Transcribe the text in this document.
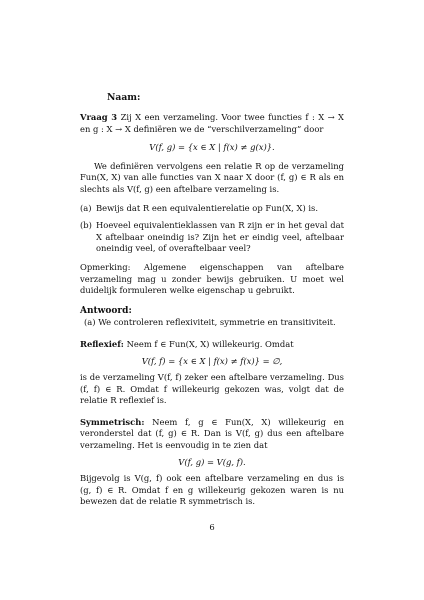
Naam:

Vraag 3 Zij X een verzameling. Voor twee functies f : X → X en g : X → X definiëren we de “verschilverzameling” door

V(f, g) = {x ∈ X | f(x) ≠ g(x)}.

We definiëren vervolgens een relatie R op de verzameling Fun(X, X) van alle functies van X naar X door (f, g) ∈ R als en slechts als V(f, g) een aftelbare verzameling is.

(a) Bewijs dat R een equivalentierelatie op Fun(X, X) is.
(b) Hoeveel equivalentieklassen van R zijn er in het geval dat X aftelbaar oneindig is? Zijn het er eindig veel, aftelbaar oneindig veel, of overaftelbaar veel?

Opmerking: Algemene eigenschappen van aftelbare verzameling mag u zonder bewijs gebruiken. U moet wel duidelijk formuleren welke eigenschap u gebruikt.

Antwoord:

(a) We controleren reflexiviteit, symmetrie en transitiviteit.

Reflexief: Neem f ∈ Fun(X, X) willekeurig. Omdat

V(f, f) = {x ∈ X | f(x) ≠ f(x)} = ∅,

is de verzameling V(f, f) zeker een aftelbare verzameling. Dus (f, f) ∈ R. Omdat f willekeurig gekozen was, volgt dat de relatie R reflexief is.

Symmetrisch: Neem f, g ∈ Fun(X, X) willekeurig en veronderstel dat (f, g) ∈ R. Dan is V(f, g) dus een aftelbare verzameling. Het is eenvoudig in te zien dat

V(f, g) = V(g, f).

Bijgevolg is V(g, f) ook een aftelbare verzameling en dus is (g, f) ∈ R. Omdat f en g willekeurig gekozen waren is nu bewezen dat de relatie R symmetrisch is.

6
